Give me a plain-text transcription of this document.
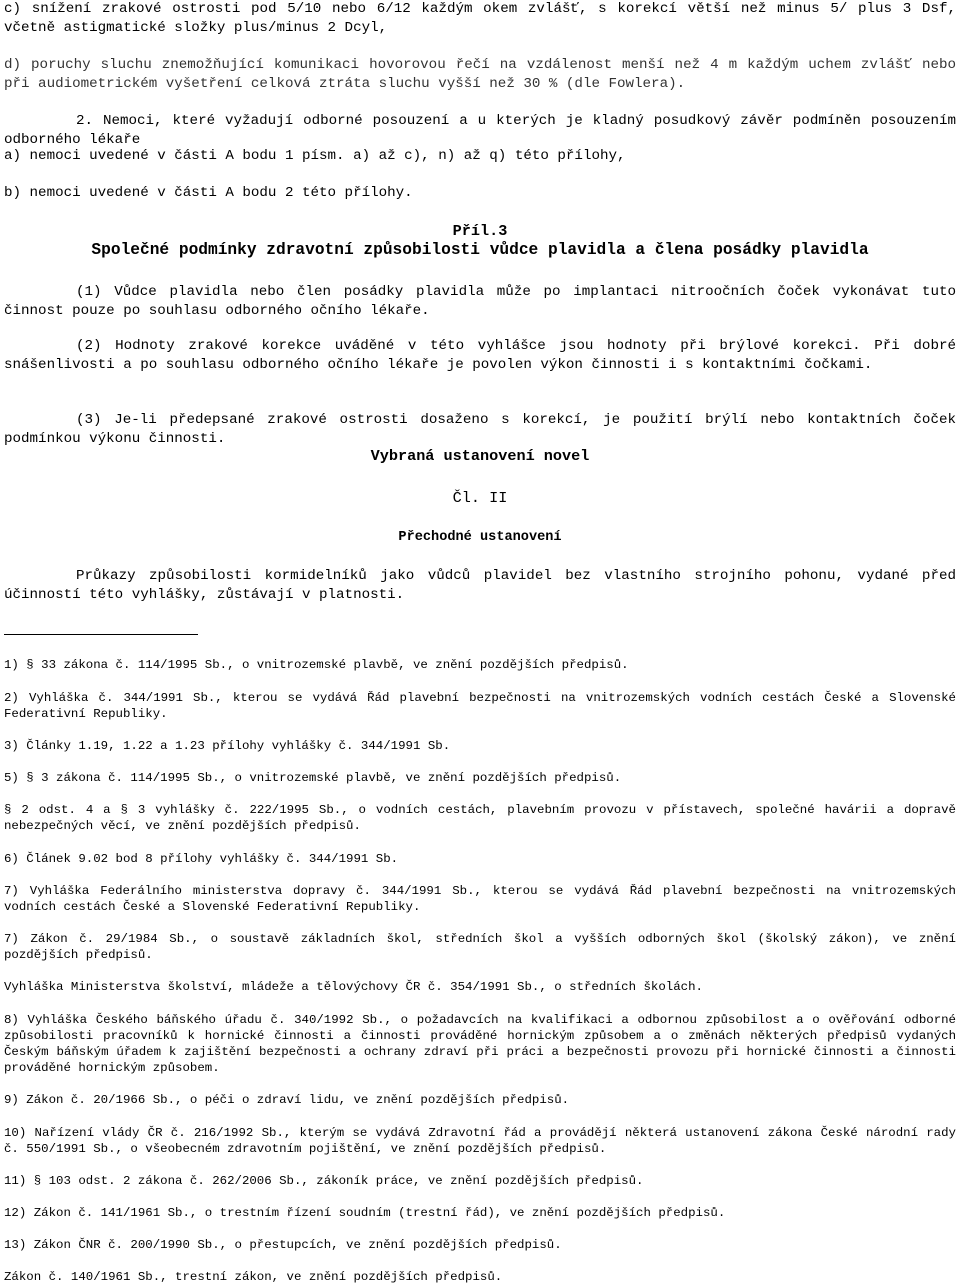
c) snížení zrakové ostrosti pod 5/10 nebo 6/12 každým okem zvlášť, s korekcí větší než minus 5/ plus 3 Dsf, včetně astigmatické složky plus/minus 2 Dcyl,

d) poruchy sluchu znemožňující komunikaci hovorovou řečí na vzdálenost menší než 4 m každým uchem zvlášť nebo při audiometrickém vyšetření celková ztráta sluchu vyšší než 30 % (dle Fowlera).

2. Nemoci, které vyžadují odborné posouzení a u kterých je kladný posudkový závěr podmíněn posouzením odborného lékaře

a) nemoci uvedené v části A bodu 1 písm. a) až c), n) až q) této přílohy,

b) nemoci uvedené v části A bodu 2 této přílohy.

Příl.3

Společné podmínky zdravotní způsobilosti vůdce plavidla a člena posádky plavidla

(1) Vůdce plavidla nebo člen posádky plavidla může po implantaci nitroočních čoček vykonávat tuto činnost pouze po souhlasu odborného očního lékaře.

(2) Hodnoty zrakové korekce uváděné v této vyhlášce jsou hodnoty při brýlové korekci. Při dobré snášenlivosti a po souhlasu odborného očního lékaře je povolen výkon činnosti i s kontaktními čočkami.

(3) Je-li předepsané zrakové ostrosti dosaženo s korekcí, je použití brýlí nebo kontaktních čoček podmínkou výkonu činnosti.

Vybraná ustanovení novel

Čl. II

Přechodné ustanovení

Průkazy způsobilosti kormidelníků jako vůdců plavidel bez vlastního strojního pohonu, vydané před účinností této vyhlášky, zůstávají v platnosti.

1) § 33 zákona č. 114/1995 Sb., o vnitrozemské plavbě, ve znění pozdějších předpisů.

2) Vyhláška č. 344/1991 Sb., kterou se vydává Řád plavební bezpečnosti na vnitrozemských vodních cestách České a Slovenské Federativní Republiky.

3) Články 1.19, 1.22 a 1.23 přílohy vyhlášky č. 344/1991 Sb.

5) § 3 zákona č. 114/1995 Sb., o vnitrozemské plavbě, ve znění pozdějších předpisů.

§ 2 odst. 4 a § 3 vyhlášky č. 222/1995 Sb., o vodních cestách, plavebním provozu v přístavech, společné havárii a dopravě nebezpečných věcí, ve znění pozdějších předpisů.

6) Článek 9.02 bod 8 přílohy vyhlášky č. 344/1991 Sb.

7) Vyhláška Federálního ministerstva dopravy č. 344/1991 Sb., kterou se vydává Řád plavební bezpečnosti na vnitrozemských vodních cestách České a Slovenské Federativní Republiky.

7) Zákon č. 29/1984 Sb., o soustavě základních škol, středních škol a vyšších odborných škol (školský zákon), ve znění pozdějších předpisů.

Vyhláška Ministerstva školství, mládeže a tělovýchovy ČR č. 354/1991 Sb., o středních školách.

8) Vyhláška Českého báňského úřadu č. 340/1992 Sb., o požadavcích na kvalifikaci a odbornou způsobilost a o ověřování odborné způsobilosti pracovníků k hornické činnosti a činnosti prováděné hornickým způsobem a o změnách některých předpisů vydaných Českým báňským úřadem k zajištění bezpečnosti a ochrany zdraví při práci a bezpečnosti provozu při hornické činnosti a činnosti prováděné hornickým způsobem.

9) Zákon č. 20/1966 Sb., o péči o zdraví lidu, ve znění pozdějších předpisů.

10) Nařízení vlády ČR č. 216/1992 Sb., kterým se vydává Zdravotní řád a provádějí některá ustanovení zákona České národní rady č. 550/1991 Sb., o všeobecném zdravotním pojištění, ve znění pozdějších předpisů.

11) § 103 odst. 2 zákona č. 262/2006 Sb., zákoník práce, ve znění pozdějších předpisů.

12) Zákon č. 141/1961 Sb., o trestním řízení soudním (trestní řád), ve znění pozdějších předpisů.

13) Zákon ČNR č. 200/1990 Sb., o přestupcích, ve znění pozdějších předpisů.

Zákon č. 140/1961 Sb., trestní zákon, ve znění pozdějších předpisů.
